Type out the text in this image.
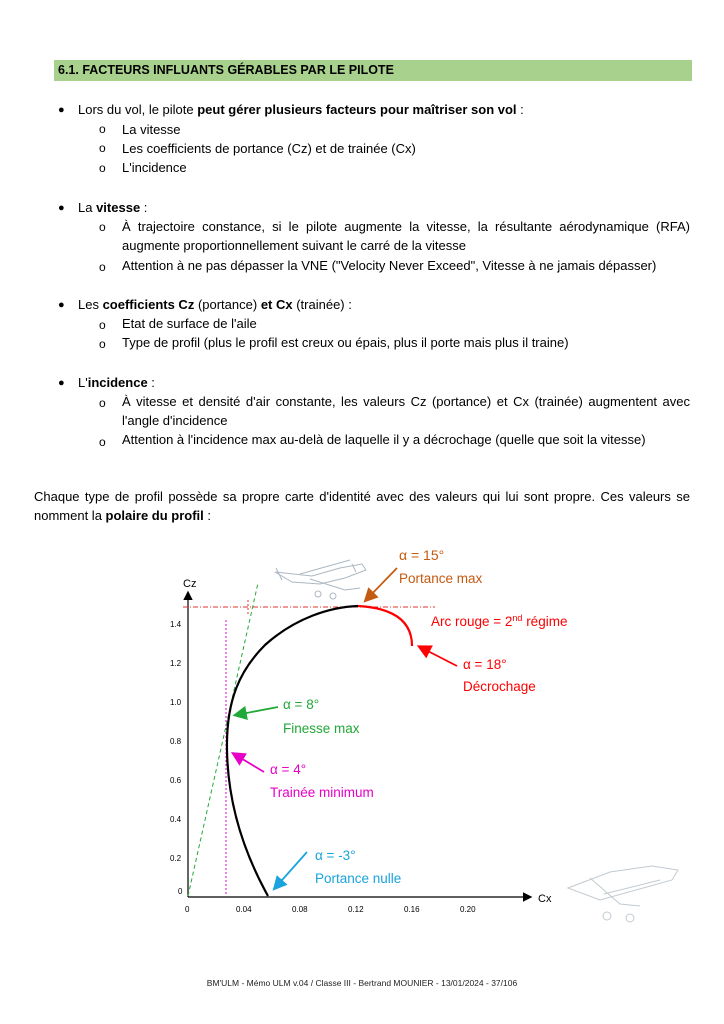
6.1. FACTEURS INFLUANTS GÉRABLES PAR LE PILOTE
● Lors du vol, le pilote peut gérer plusieurs facteurs pour maîtriser son vol :
o La vitesse
o Les coefficients de portance (Cz) et de trainée (Cx)
o L'incidence
● La vitesse :
o À trajectoire constance, si le pilote augmente la vitesse, la résultante aérodynamique (RFA) augmente proportionnellement suivant le carré de la vitesse
o Attention à ne pas dépasser la VNE ("Velocity Never Exceed", Vitesse à ne jamais dépasser)
● Les coefficients Cz (portance) et Cx (trainée) :
o Etat de surface de l'aile
o Type de profil (plus le profil est creux ou épais, plus il porte mais plus il traine)
● L'incidence :
o À vitesse et densité d'air constante, les valeurs Cz (portance) et Cx (trainée) augmentent avec l'angle d'incidence
o Attention à l'incidence max au-delà de laquelle il y a décrochage (quelle que soit la vitesse)
Chaque type de profil possède sa propre carte d'identité avec des valeurs qui lui sont propre. Ces valeurs se nomment la polaire du profil :
Cz
Cx
0
0.2
0.4
0.6
0.8
1.0
1.2
1.4
0	0.04	0.08	0.12	0.16	0.20
α = 15°
Portance max
Arc rouge = 2nd régime
α = 18°
Décrochage
α = 8°
Finesse max
α = 4°
Trainée minimum
α = -3°
Portance nulle
BM'ULM - Mémo ULM v.04 / Classe III - Bertrand MOUNIER - 13/01/2024 - 37/106
